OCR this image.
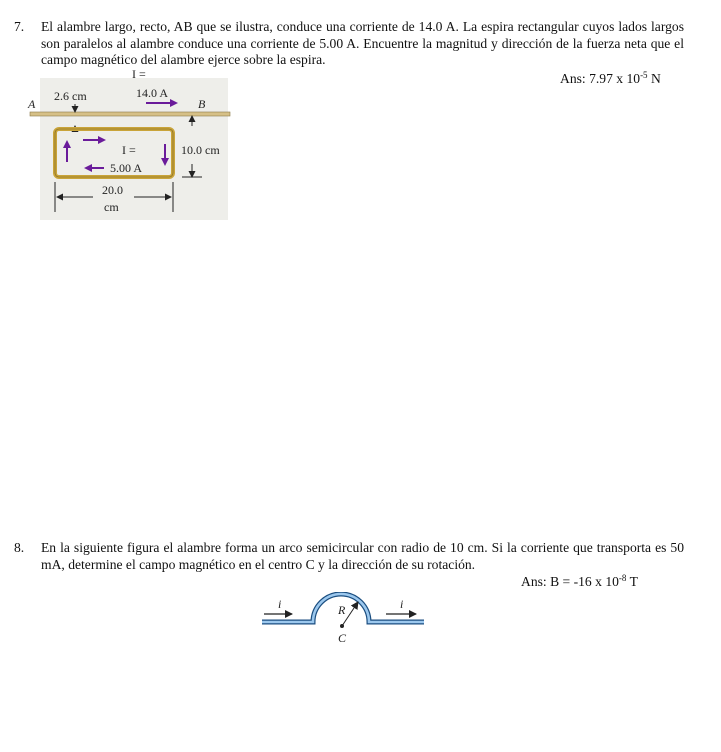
7. El alambre largo, recto, AB que se ilustra, conduce una corriente de 14.0 A. La espira rectangular cuyos lados largos son paralelos al alambre conduce una corriente de 5.00 A. Encuentre la magnitud y dirección de la fuerza neta que el campo magnético del alambre ejerce sobre la espira.
Ans: 7.97 x $10^{-5}$ N
A	B
I =
14.0 A
2.6 cm
I =
5.00 A
10.0 cm
20.0
cm
8. En la siguiente figura el alambre forma un arco semicircular con radio de 10 cm. Si la corriente que transporta es 50 mA, determine el campo magnético en el centro C y la dirección de su rotación.
Ans: B = -16 x $10^{-8}$ T
i	i
R
C
